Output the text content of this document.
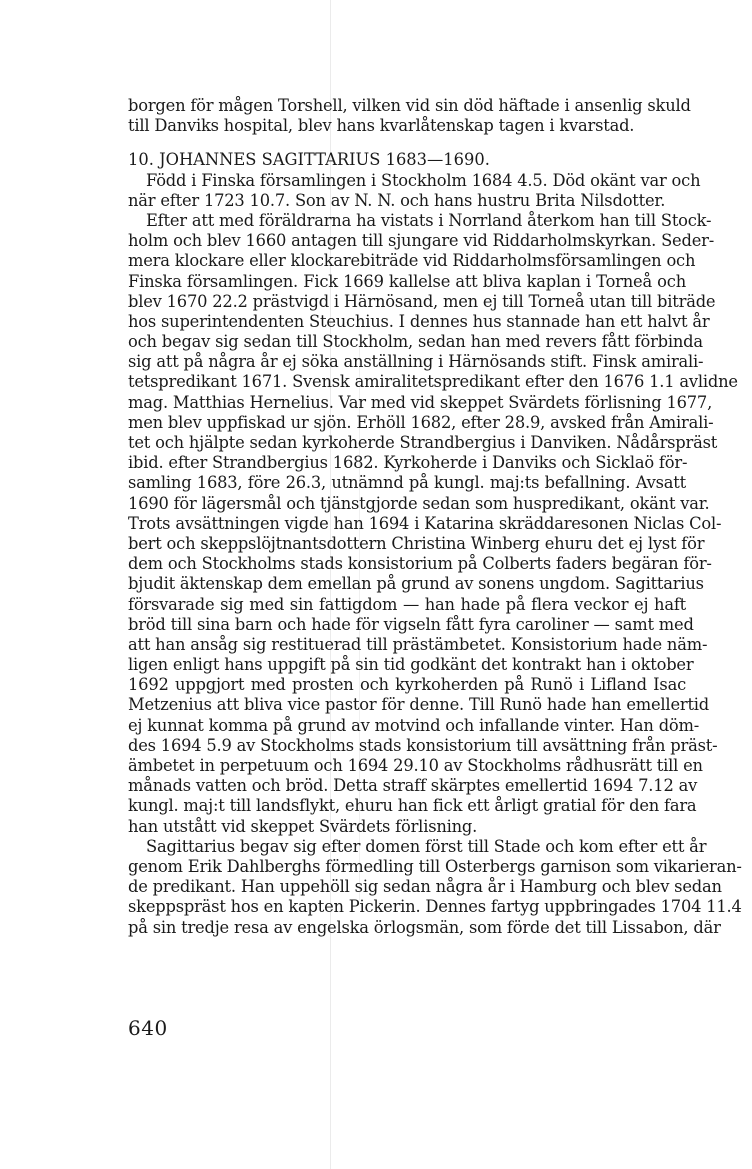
borgen för mågen Torshell, vilken vid sin död häftade i ansenlig skuld
till Danviks hospital, blev hans kvarlåtenskap tagen i kvarstad.
10. JOHANNES SAGITTARIUS 1683—1690.
Född i Finska församlingen i Stockholm 1684 4.5. Död okänt var och
när efter 1723 10.7. Son av N. N. och hans hustru Brita Nilsdotter.
Efter att med föräldrarna ha vistats i Norrland återkom han till Stock-
holm och blev 1660 antagen till sjungare vid Riddarholmskyrkan. Seder-
mera klockare eller klockarebiträde vid Riddarholmsförsamlingen och
Finska församlingen. Fick 1669 kallelse att bliva kaplan i Torneå och
blev 1670 22.2 prästvigd i Härnösand, men ej till Torneå utan till biträde
hos superintendenten Steuchius. I dennes hus stannade han ett halvt år
och begav sig sedan till Stockholm, sedan han med revers fått förbinda
sig att på några år ej söka anställning i Härnösands stift. Finsk amirali-
tetspredikant 1671. Svensk amiralitetspredikant efter den 1676 1.1 avlidne
mag. Matthias Hernelius. Var med vid skeppet Svärdets förlisning 1677,
men blev uppfiskad ur sjön. Erhöll 1682, efter 28.9, avsked från Amirali-
tet och hjälpte sedan kyrkoherde Strandbergius i Danviken. Nådårspräst
ibid. efter Strandbergius 1682. Kyrkoherde i Danviks och Sicklaö för-
samling 1683, före 26.3, utnämnd på kungl. maj:ts befallning. Avsatt
1690 för lägersmål och tjänstgjorde sedan som huspredikant, okänt var.
Trots avsättningen vigde han 1694 i Katarina skräddaresonen Niclas Col-
bert och skeppslöjtnantsdottern Christina Winberg ehuru det ej lyst för
dem och Stockholms stads konsistorium på Colberts faders begäran för-
bjudit äktenskap dem emellan på grund av sonens ungdom. Sagittarius
försvarade sig med sin fattigdom — han hade på flera veckor ej haft
bröd till sina barn och hade för vigseln fått fyra caroliner — samt med
att han ansåg sig restituerad till prästämbetet. Konsistorium hade näm-
ligen enligt hans uppgift på sin tid godkänt det kontrakt han i oktober
1692 uppgjort med prosten och kyrkoherden på Runö i Lifland Isac
Metzenius att bliva vice pastor för denne. Till Runö hade han emellertid
ej kunnat komma på grund av motvind och infallande vinter. Han döm-
des 1694 5.9 av Stockholms stads konsistorium till avsättning från präst-
ämbetet in perpetuum och 1694 29.10 av Stockholms rådhusrätt till en
månads vatten och bröd. Detta straff skärptes emellertid 1694 7.12 av
kungl. maj:t till landsflykt, ehuru han fick ett årligt gratial för den fara
han utstått vid skeppet Svärdets förlisning.
Sagittarius begav sig efter domen först till Stade och kom efter ett år
genom Erik Dahlberghs förmedling till Osterbergs garnison som vikarieran-
de predikant. Han uppehöll sig sedan några år i Hamburg och blev sedan
skeppspräst hos en kapten Pickerin. Dennes fartyg uppbringades 1704 11.4
på sin tredje resa av engelska örlogsmän, som förde det till Lissabon, där
640
